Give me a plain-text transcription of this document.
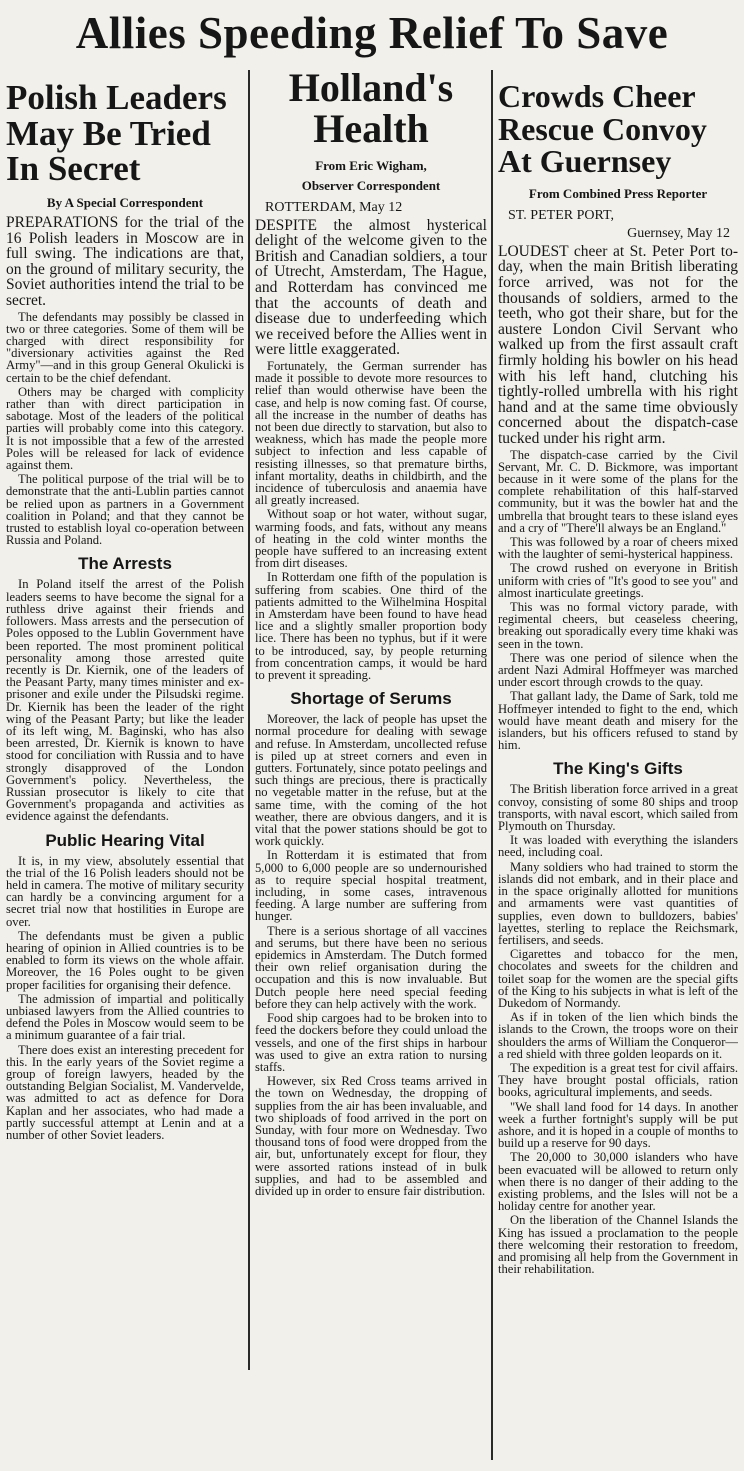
Allies Speeding Relief To Save
Polish Leaders May Be Tried In Secret
By A Special Correspondent

PREPARATIONS for the trial of the 16 Polish leaders in Moscow are in full swing. The indications are that, on the ground of military security, the Soviet authorities intend the trial to be secret.

The defendants may possibly be classed in two or three categories. Some of them will be charged with direct responsibility for "diversionary activities against the Red Army"—and in this group General Okulicki is certain to be the chief defendant.

Others may be charged with complicity rather than with direct participation in sabotage. Most of the leaders of the political parties will probably come into this category. It is not impossible that a few of the arrested Poles will be released for lack of evidence against them.

The political purpose of the trial will be to demonstrate that the anti-Lublin parties cannot be relied upon as partners in a Government coalition in Poland; and that they cannot be trusted to establish loyal co-operation between Russia and Poland.

The Arrests

In Poland itself the arrest of the Polish leaders seems to have become the signal for a ruthless drive against their friends and followers. Mass arrests and the persecution of Poles opposed to the Lublin Government have been reported. The most prominent political personality among those arrested quite recently is Dr. Kiernik, one of the leaders of the Peasant Party, many times minister and ex-prisoner and exile under the Pilsudski regime. Dr. Kiernik has been the leader of the right wing of the Peasant Party; but like the leader of its left wing, M. Baginski, who has also been arrested, Dr. Kiernik is known to have stood for conciliation with Russia and to have strongly disapproved of the London Government's policy. Nevertheless, the Russian prosecutor is likely to cite that Government's propaganda and activities as evidence against the defendants.

Public Hearing Vital

It is, in my view, absolutely essential that the trial of the 16 Polish leaders should not be held in camera. The motive of military security can hardly be a convincing argument for a secret trial now that hostilities in Europe are over.

The defendants must be given a public hearing of opinion in Allied countries is to be enabled to form its views on the whole affair. Moreover, the 16 Poles ought to be given proper facilities for organising their defence.

The admission of impartial and politically unbiased lawyers from the Allied countries to defend the Poles in Moscow would seem to be a minimum guarantee of a fair trial.

There does exist an interesting precedent for this. In the early years of the Soviet regime a group of foreign lawyers, headed by the outstanding Belgian Socialist, M. Vandervelde, was admitted to act as defence for Dora Kaplan and her associates, who had made a partly successful attempt at Lenin and at a number of other Soviet leaders.

Holland's Health
From Eric Wigham,
Observer Correspondent
ROTTERDAM, May 12

DESPITE the almost hysterical delight of the welcome given to the British and Canadian soldiers, a tour of Utrecht, Amsterdam, The Hague, and Rotterdam has convinced me that the accounts of death and disease due to underfeeding which we received before the Allies went in were little exaggerated.

Fortunately, the German surrender has made it possible to devote more resources to relief than would otherwise have been the case, and help is now coming fast. Of course, all the increase in the number of deaths has not been due directly to starvation, but also to weakness, which has made the people more subject to infection and less capable of resisting illnesses, so that premature births, infant mortality, deaths in childbirth, and the incidence of tuberculosis and anaemia have all greatly increased.

Without soap or hot water, without sugar, warming foods, and fats, without any means of heating in the cold winter months the people have suffered to an increasing extent from dirt diseases.

In Rotterdam one fifth of the population is suffering from scabies. One third of the patients admitted to the Wilhelmina Hospital in Amsterdam have been found to have head lice and a slightly smaller proportion body lice. There has been no typhus, but if it were to be introduced, say, by people returning from concentration camps, it would be hard to prevent it spreading.

Shortage of Serums

Moreover, the lack of people has upset the normal procedure for dealing with sewage and refuse. In Amsterdam, uncollected refuse is piled up at street corners and even in gutters. Fortunately, since potato peelings and such things are precious, there is practically no vegetable matter in the refuse, but at the same time, with the coming of the hot weather, there are obvious dangers, and it is vital that the power stations should be got to work quickly.

In Rotterdam it is estimated that from 5,000 to 6,000 people are so undernourished as to require special hospital treatment, including, in some cases, intravenous feeding. A large number are suffering from hunger.

There is a serious shortage of all vaccines and serums, but there have been no serious epidemics in Amsterdam. The Dutch formed their own relief organisation during the occupation and this is now invaluable. But Dutch people here need special feeding before they can help actively with the work.

Food ship cargoes had to be broken into to feed the dockers before they could unload the vessels, and one of the first ships in harbour was used to give an extra ration to nursing staffs.

However, six Red Cross teams arrived in the town on Wednesday, the dropping of supplies from the air has been invaluable, and two shiploads of food arrived in the port on Sunday, with four more on Wednesday. Two thousand tons of food were dropped from the air, but, unfortunately except for flour, they were assorted rations instead of in bulk supplies, and had to be assembled and divided up in order to ensure fair distribution.

Crowds Cheer Rescue Convoy At Guernsey
From Combined Press Reporter
ST. PETER PORT,
Guernsey, May 12

LOUDEST cheer at St. Peter Port to-day, when the main British liberating force arrived, was not for the thousands of soldiers, armed to the teeth, who got their share, but for the austere London Civil Servant who walked up from the first assault craft firmly holding his bowler on his head with his left hand, clutching his tightly-rolled umbrella with his right hand and at the same time obviously concerned about the dispatch-case tucked under his right arm.

The dispatch-case carried by the Civil Servant, Mr. C. D. Bickmore, was important because in it were some of the plans for the complete rehabilitation of this half-starved community, but it was the bowler hat and the umbrella that brought tears to these island eyes and a cry of "There'll always be an England."

This was followed by a roar of cheers mixed with the laughter of semi-hysterical happiness.

The crowd rushed on everyone in British uniform with cries of "It's good to see you" and almost inarticulate greetings.

This was no formal victory parade, with regimental cheers, but ceaseless cheering, breaking out sporadically every time khaki was seen in the town.

There was one period of silence when the ardent Nazi Admiral Hoffmeyer was marched under escort through crowds to the quay.

That gallant lady, the Dame of Sark, told me Hoffmeyer intended to fight to the end, which would have meant death and misery for the islanders, but his officers refused to stand by him.

The King's Gifts

The British liberation force arrived in a great convoy, consisting of some 80 ships and troop transports, with naval escort, which sailed from Plymouth on Thursday.

It was loaded with everything the islanders need, including coal.

Many soldiers who had trained to storm the islands did not embark, and in their place and in the space originally allotted for munitions and armaments were vast quantities of supplies, even down to bulldozers, babies' layettes, sterling to replace the Reichsmark, fertilisers, and seeds.

Cigarettes and tobacco for the men, chocolates and sweets for the children and toilet soap for the women are the special gifts of the King to his subjects in what is left of the Dukedom of Normandy.

As if in token of the lien which binds the islands to the Crown, the troops wore on their shoulders the arms of William the Conqueror—a red shield with three golden leopards on it.

The expedition is a great test for civil affairs. They have brought postal officials, ration books, agricultural implements, and seeds.

"We shall land food for 14 days. In another week a further fortnight's supply will be put ashore, and it is hoped in a couple of months to build up a reserve for 90 days.

The 20,000 to 30,000 islanders who have been evacuated will be allowed to return only when there is no danger of their adding to the existing problems, and the Isles will not be a holiday centre for another year.

On the liberation of the Channel Islands the King has issued a proclamation to the people there welcoming their restoration to freedom, and promising all help from the Government in their rehabilitation.
